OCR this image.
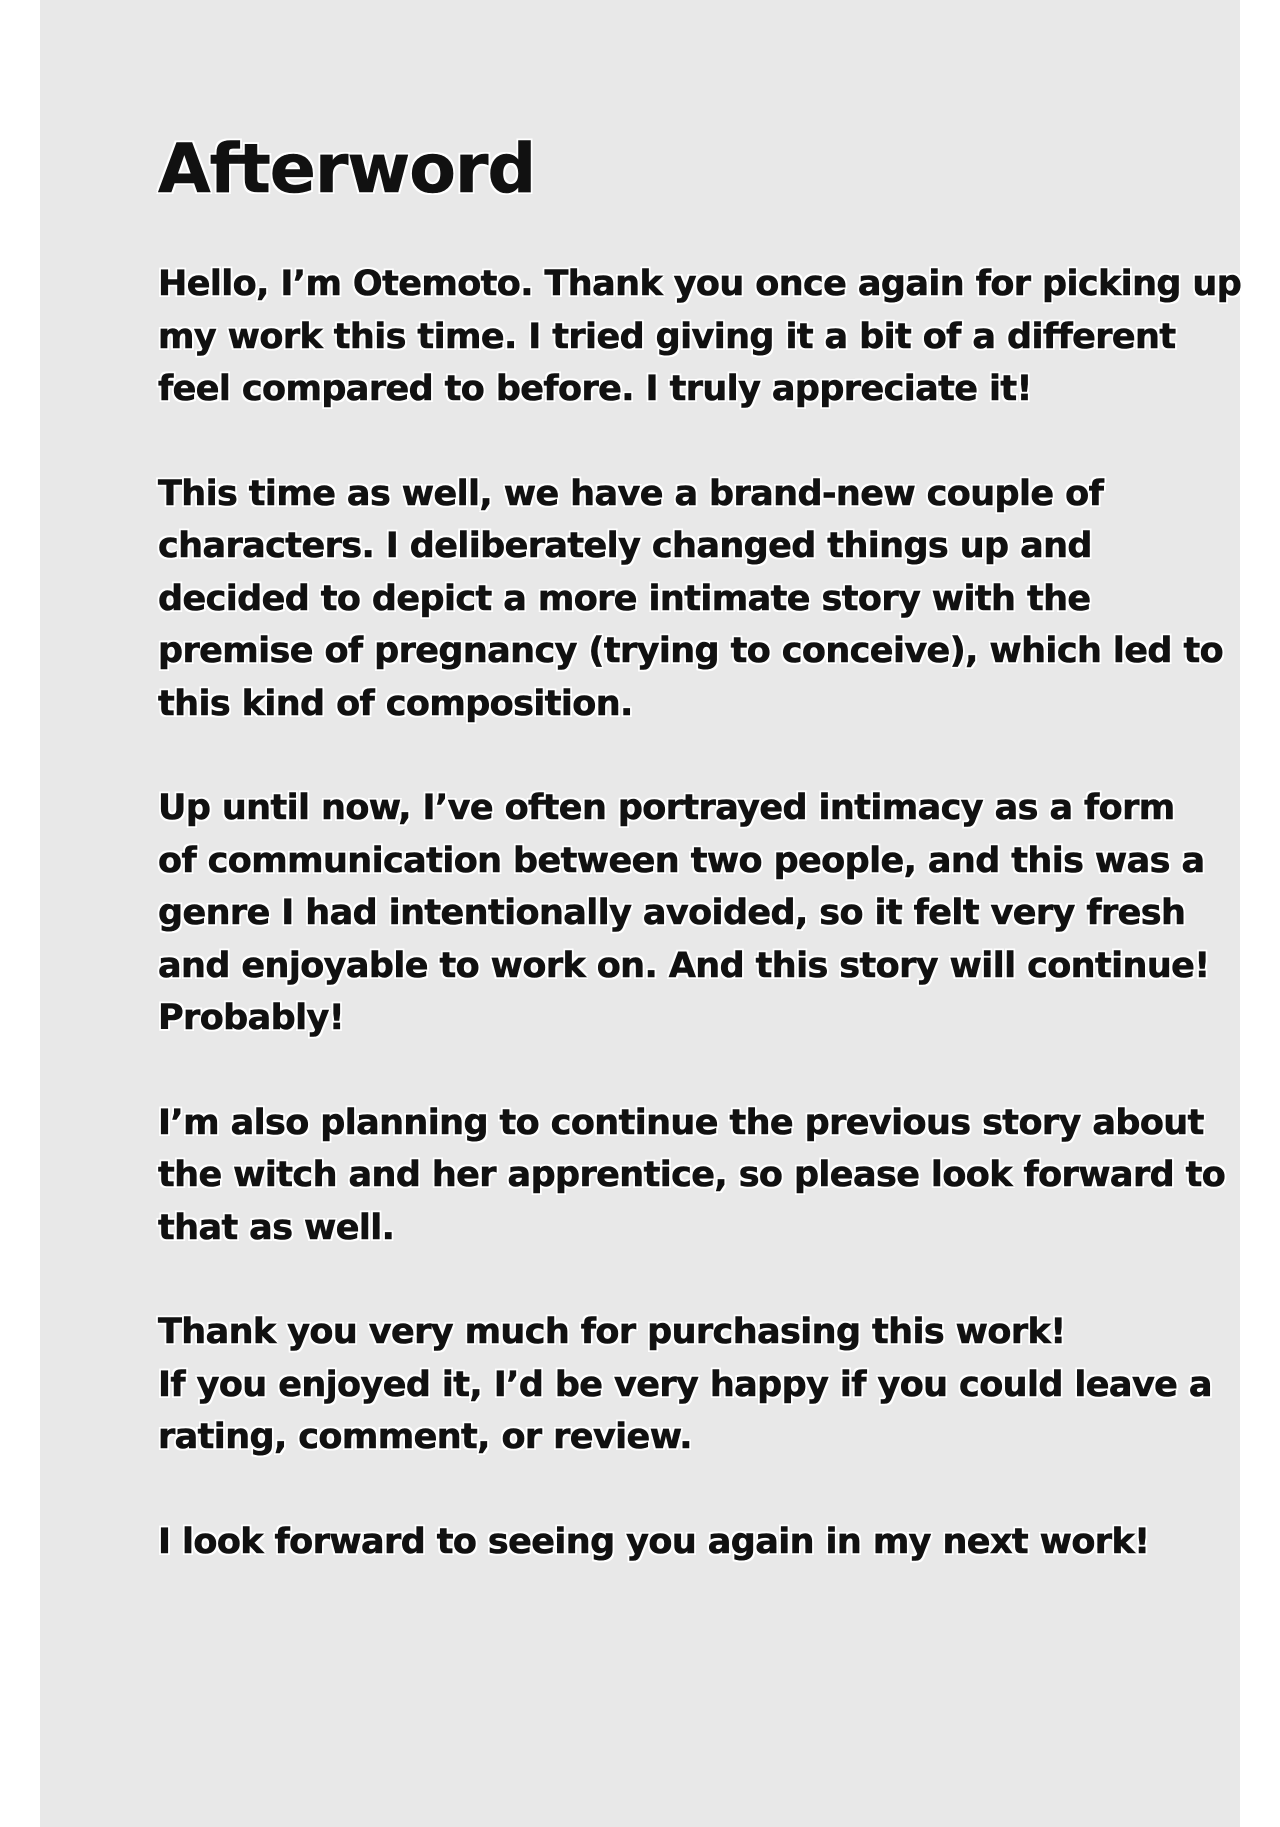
Afterword
Hello, I’m Otemoto. Thank you once again for picking up
my work this time. I tried giving it a bit of a different
feel compared to before. I truly appreciate it!
This time as well, we have a brand-new couple of
characters. I deliberately changed things up and
decided to depict a more intimate story with the
premise of pregnancy (trying to conceive), which led to
this kind of composition.
Up until now, I’ve often portrayed intimacy as a form
of communication between two people, and this was a
genre I had intentionally avoided, so it felt very fresh
and enjoyable to work on. And this story will continue!
Probably!
I’m also planning to continue the previous story about
the witch and her apprentice, so please look forward to
that as well.
Thank you very much for purchasing this work!
If you enjoyed it, I’d be very happy if you could leave a
rating, comment, or review.
I look forward to seeing you again in my next work!
